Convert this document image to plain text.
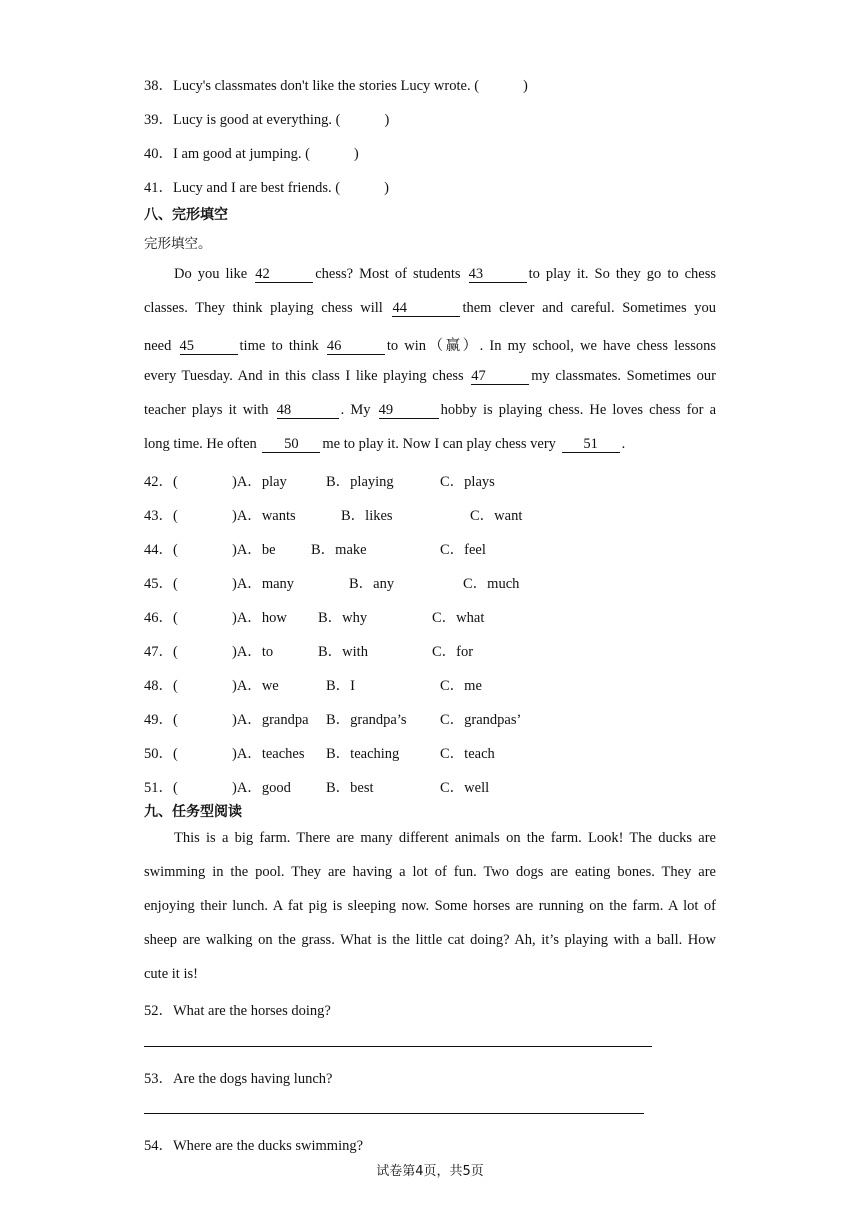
38．Lucy's classmates don't like the stories Lucy wrote. (	)
39．Lucy is good at everything. (	)
40．I am good at jumping. (	)
41．Lucy and I are best friends. (	)
八、完形填空
完形填空。
Do you like 42	chess? Most of students 43	to play it. So they go to chess
classes. They think playing chess will 44	them clever and careful. Sometimes you
need 45	time to think 46	to win（赢）. In my school, we have chess lessons
every Tuesday. And in this class I like playing chess 47	my classmates. Sometimes our
teacher plays it with 48	. My 49	hobby is playing chess. He loves chess for a
long time. He often 50 me to play it. Now I can play chess very 51 .
42．(	)A．play	B．playing	C．plays
43．(	)A．wants	B．likes	C．want
44．(	)A．be B．make	C．feel
45．(	)A．many	B．any	C．much
46．(	)A．how B．why	C．what
47．(	)A．to	B．with	C．for
48．(	)A．we	B．I	C．me
49．(	)A．grandpa B．grandpa’s C．grandpas’
50．(	)A．teaches B．teaching	C．teach
51．(	)A．good B．best	C．well
九、任务型阅读
This is a big farm. There are many different animals on the farm. Look! The ducks are
swimming in the pool. They are having a lot of fun. Two dogs are eating bones. They are
enjoying their lunch. A fat pig is sleeping now. Some horses are running on the farm. A lot of
sheep are walking on the grass. What is the little cat doing? Ah, it’s playing with a ball. How
cute it is!
52．What are the horses doing?
53．Are the dogs having lunch?
54．Where are the ducks swimming?
试卷第4页，共5页
